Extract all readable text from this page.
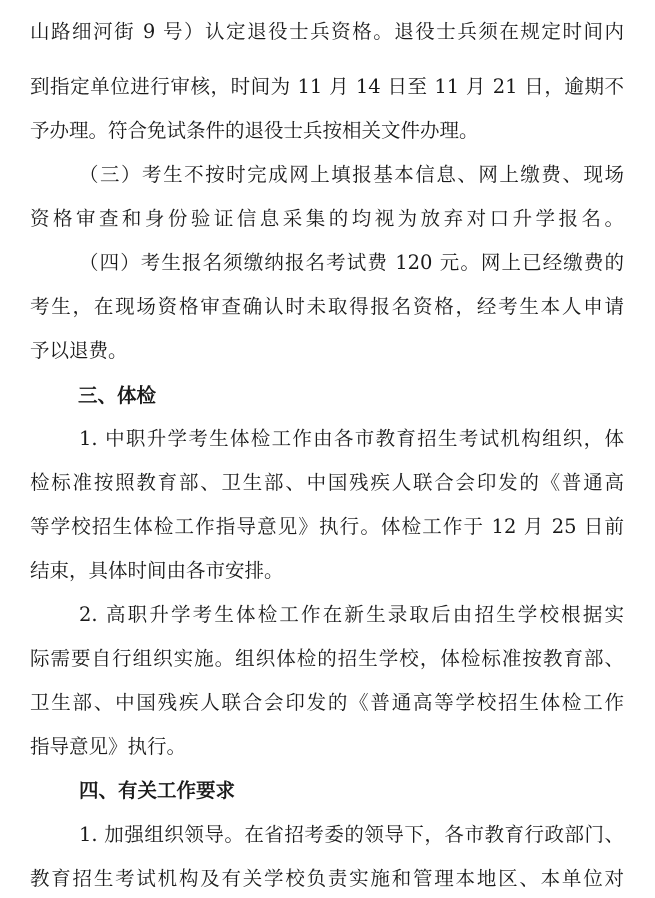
山路细河街 9 号）认定退役士兵资格。退役士兵须在规定时间内
到指定单位进行审核，时间为 11 月 14 日至 11 月 21 日，逾期不
予办理。符合免试条件的退役士兵按相关文件办理。
（三）考生不按时完成网上填报基本信息、网上缴费、现场
资格审查和身份验证信息采集的均视为放弃对口升学报名。
（四）考生报名须缴纳报名考试费 120 元。网上已经缴费的
考生，在现场资格审查确认时未取得报名资格，经考生本人申请
予以退费。
三、体检
1. 中职升学考生体检工作由各市教育招生考试机构组织，体
检标准按照教育部、卫生部、中国残疾人联合会印发的《普通高
等学校招生体检工作指导意见》执行。体检工作于 12 月 25 日前
结束，具体时间由各市安排。
2. 高职升学考生体检工作在新生录取后由招生学校根据实
际需要自行组织实施。组织体检的招生学校，体检标准按教育部、
卫生部、中国残疾人联合会印发的《普通高等学校招生体检工作
指导意见》执行。
四、有关工作要求
1. 加强组织领导。在省招考委的领导下，各市教育行政部门、
教育招生考试机构及有关学校负责实施和管理本地区、本单位对
